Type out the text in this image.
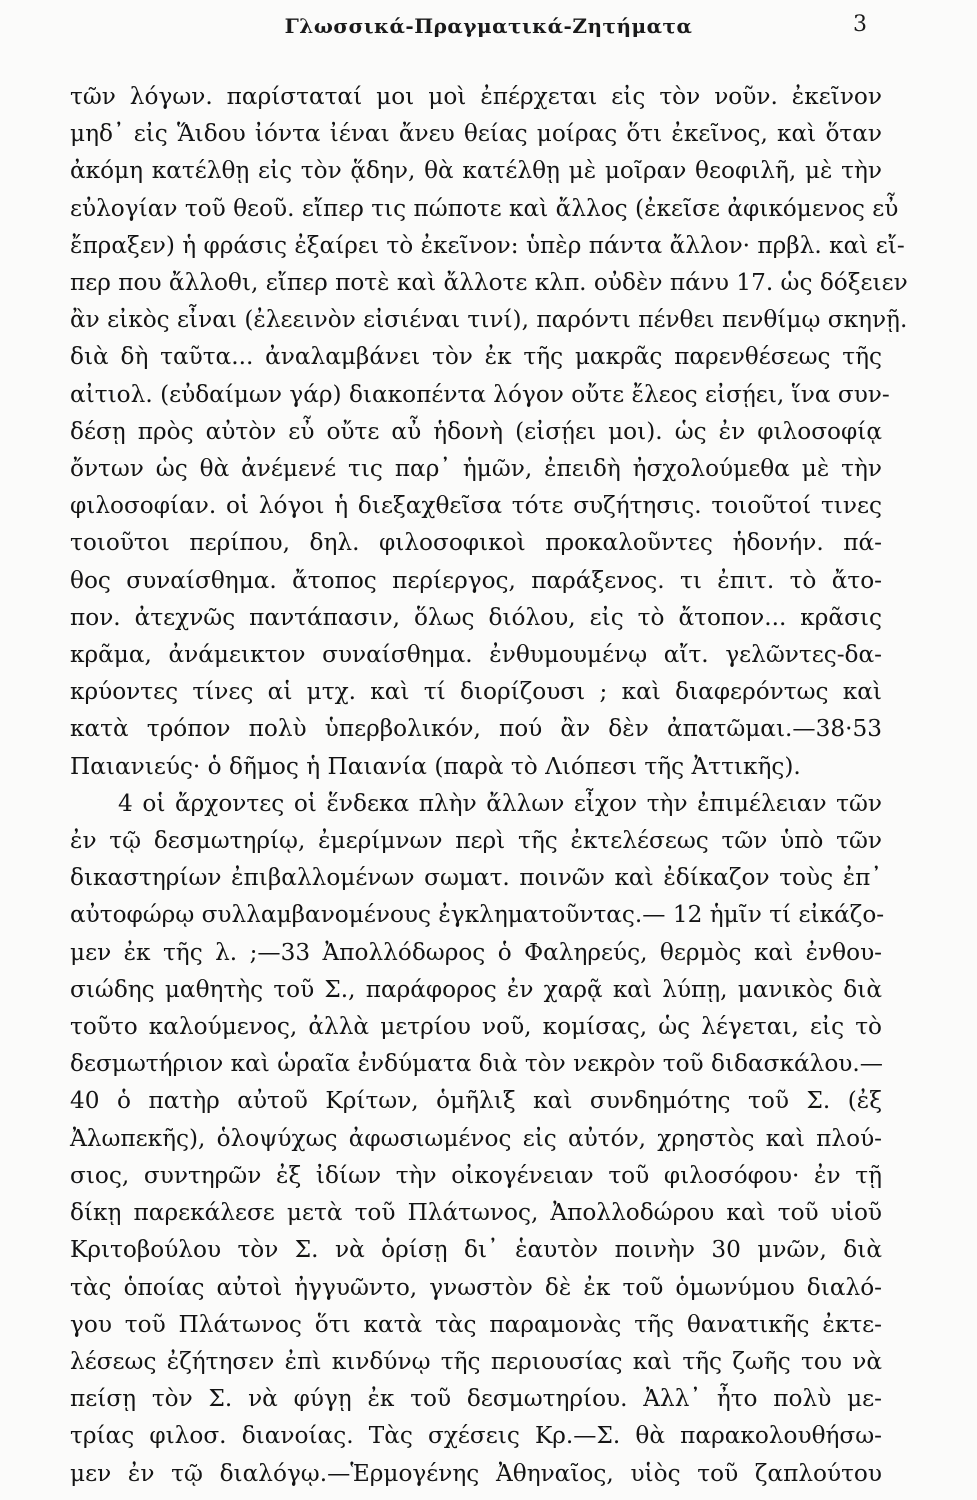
Γλωσσικά-Πραγματικά-Ζητήματα	3
τῶν λόγων. παρίσταταί μοι μοὶ ἐπέρχεται εἰς τὸν νοῦν. ἐκεῖνον
μηδ᾽ εἰς Ἅιδου ἰόντα ἰέναι ἄνευ θείας μοίρας ὅτι ἐκεῖνος, καὶ ὅταν
ἀκόμη κατέλθῃ εἰς τὸν ᾅδην, θὰ κατέλθῃ μὲ μοῖραν θεοφιλῆ, μὲ τὴν
εὐλογίαν τοῦ θεοῦ. εἴπερ τις πώποτε καὶ ἄλλος (ἐκεῖσε ἀφικόμενος εὖ
ἔπραξεν) ἡ φράσις ἐξαίρει τὸ ἐκεῖνον: ὑπὲρ πάντα ἄλλον· πρβλ. καὶ εἴ-
περ που ἄλλοθι, εἴπερ ποτὲ καὶ ἄλλοτε κλπ. οὐδὲν πάνυ 17. ὡς δόξειεν
ἂν εἰκὸς εἶναι (ἐλεεινὸν εἰσιέναι τινί), παρόντι πένθει πενθίμῳ σκηνῇ.
διὰ δὴ ταῦτα... ἀναλαμβάνει τὸν ἐκ τῆς μακρᾶς παρενθέσεως τῆς
αἰτιολ. (εὐδαίμων γάρ) διακοπέντα λόγον οὔτε ἔλεος εἰσῄει, ἵνα συν-
δέσῃ πρὸς αὐτὸν εὖ οὔτε αὖ ἡδονὴ (εἰσῄει μοι). ὡς ἐν φιλοσοφίᾳ
ὄντων ὡς θὰ ἀνέμενέ τις παρ᾽ ἡμῶν, ἐπειδὴ ἠσχολούμεθα μὲ τὴν
φιλοσοφίαν. οἱ λόγοι ἡ διεξαχθεῖσα τότε συζήτησις. τοιοῦτοί τινες
τοιοῦτοι περίπου, δηλ. φιλοσοφικοὶ προκαλοῦντες ἡδονήν. πά-
θος συναίσθημα. ἄτοπος περίεργος, παράξενος. τι ἐπιτ. τὸ ἄτο-
πον. ἀτεχνῶς παντάπασιν, ὅλως διόλου, εἰς τὸ ἄτοπον... κρᾶσις
κρᾶμα, ἀνάμεικτον συναίσθημα. ἐνθυμουμένῳ αἴτ. γελῶντες-δα-
κρύοντες τίνες αἱ μτχ. καὶ τί διορίζουσι ; καὶ διαφερόντως καὶ
κατὰ τρόπον πολὺ ὑπερβολικόν, πού ἂν δὲν ἀπατῶμαι.—38·53
Παιανιεύς· ὁ δῆμος ἡ Παιανία (παρὰ τὸ Λιόπεσι τῆς Ἀττικῆς).
4 οἱ ἄρχοντες οἱ ἕνδεκα πλὴν ἄλλων εἶχον τὴν ἐπιμέλειαν τῶν
ἐν τῷ δεσμωτηρίῳ, ἐμερίμνων περὶ τῆς ἐκτελέσεως τῶν ὑπὸ τῶν
δικαστηρίων ἐπιβαλλομένων σωματ. ποινῶν καὶ ἐδίκαζον τοὺς ἐπ᾽
αὐτοφώρῳ συλλαμβανομένους ἐγκληματοῦντας.— 12 ἡμῖν τί εἰκάζο-
μεν ἐκ τῆς λ. ;—33 Ἀπολλόδωρος ὁ Φαληρεύς, θερμὸς καὶ ἐνθου-
σιώδης μαθητὴς τοῦ Σ., παράφορος ἐν χαρᾷ καὶ λύπῃ, μανικὸς διὰ
τοῦτο καλούμενος, ἀλλὰ μετρίου νοῦ, κομίσας, ὡς λέγεται, εἰς τὸ
δεσμωτήριον καὶ ὡραῖα ἐνδύματα διὰ τὸν νεκρὸν τοῦ διδασκάλου.—
40 ὁ πατὴρ αὐτοῦ Κρίτων, ὁμῆλιξ καὶ συνδημότης τοῦ Σ. (ἐξ
Ἀλωπεκῆς), ὁλοψύχως ἀφωσιωμένος εἰς αὐτόν, χρηστὸς καὶ πλού-
σιος, συντηρῶν ἐξ ἰδίων τὴν οἰκογένειαν τοῦ φιλοσόφου· ἐν τῇ
δίκῃ παρεκάλεσε μετὰ τοῦ Πλάτωνος, Ἀπολλοδώρου καὶ τοῦ υἱοῦ
Κριτοβούλου τὸν Σ. νὰ ὁρίσῃ δι᾽ ἑαυτὸν ποινὴν 30 μνῶν, διὰ
τὰς ὁποίας αὐτοὶ ἠγγυῶντο, γνωστὸν δὲ ἐκ τοῦ ὁμωνύμου διαλό-
γου τοῦ Πλάτωνος ὅτι κατὰ τὰς παραμονὰς τῆς θανατικῆς ἐκτε-
λέσεως ἐζήτησεν ἐπὶ κινδύνῳ τῆς περιουσίας καὶ τῆς ζωῆς του νὰ
πείσῃ τὸν Σ. νὰ φύγῃ ἐκ τοῦ δεσμωτηρίου. Ἀλλ᾽ ἦτο πολὺ με-
τρίας φιλοσ. διανοίας. Τὰς σχέσεις Κρ.—Σ. θὰ παρακολουθήσω-
μεν ἐν τῷ διαλόγῳ.—Ἑρμογένης Ἀθηναῖος, υἱὸς τοῦ ζαπλούτου
